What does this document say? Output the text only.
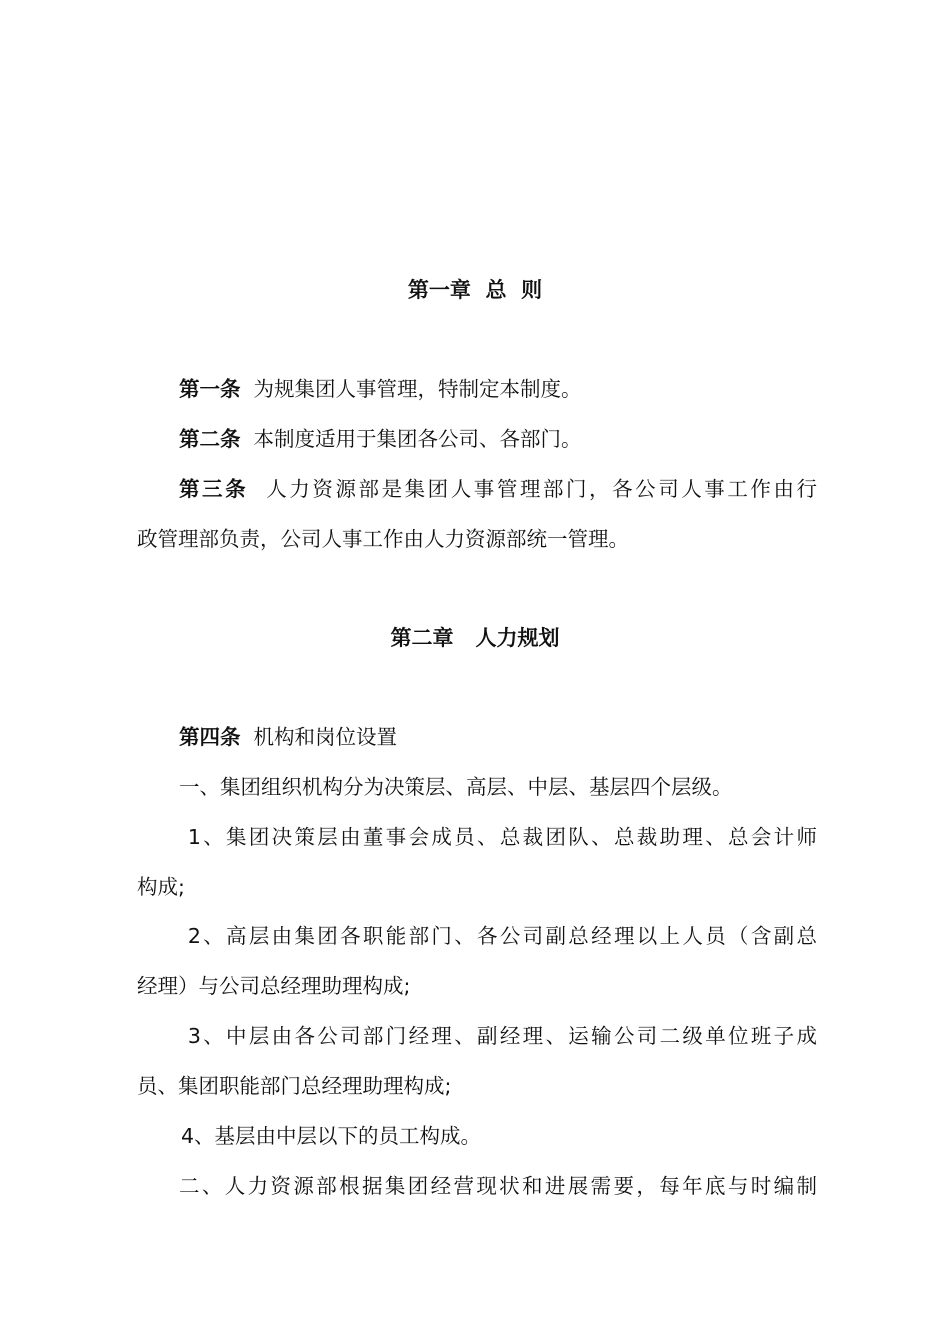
第一章  总  则

第一条  为规集团人事管理，特制定本制度。

第二条  本制度适用于集团各公司、各部门。

第三条  人力资源部是集团人事管理部门，各公司人事工作由行

政管理部负责，公司人事工作由人力资源部统一管理。

第二章   人力规划

第四条  机构和岗位设置

一、集团组织机构分为决策层、高层、中层、基层四个层级。

1、集团决策层由董事会成员、总裁团队、总裁助理、总会计师

构成;

2、高层由集团各职能部门、各公司副总经理以上人员（含副总

经理）与公司总经理助理构成;

3、中层由各公司部门经理、副经理、运输公司二级单位班子成

员、集团职能部门总经理助理构成;

4、基层由中层以下的员工构成。

二、人力资源部根据集团经营现状和进展需要，每年底与时编制
